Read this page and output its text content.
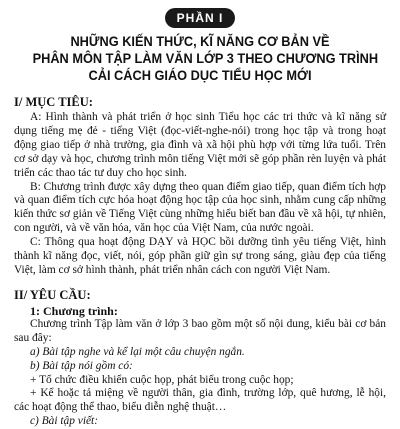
PHẦN I
NHỮNG KIẾN THỨC, KĨ NĂNG CƠ BẢN VỀ
PHÂN MÔN TẬP LÀM VĂN LỚP 3 THEO CHƯƠNG TRÌNH
CẢI CÁCH GIÁO DỤC TIỂU HỌC MỚI
I/ MỤC TIÊU:
A: Hình thành và phát triển ở học sinh Tiểu học các tri thức và kĩ năng sử dụng tiếng mẹ đẻ - tiếng Việt (đọc-viết-nghe-nói) trong học tập và trong hoạt động giao tiếp ở nhà trường, gia đình và xã hội phù hợp với từng lứa tuổi. Trên cơ sở dạy và học, chương trình môn tiếng Việt mới sẽ góp phần rèn luyện và phát triển các thao tác tư duy cho học sinh.
B: Chương trình được xây dựng theo quan điểm giao tiếp, quan điểm tích hợp và quan điểm tích cực hóa hoạt động học tập của học sinh, nhằm cung cấp những kiến thức sơ giản về Tiếng Việt cùng những hiểu biết ban đầu về xã hội, tự nhiên, con người, và về văn hóa, văn học của Việt Nam, của nước ngoài.
C: Thông qua hoạt động DẠY và HỌC bồi dưỡng tình yêu tiếng Việt, hình thành kĩ năng đọc, viết, nói, góp phần giữ gìn sự trong sáng, giàu đẹp của tiếng Việt, làm cơ sở hình thành, phát triển nhân cách con người Việt Nam.
II/ YÊU CẦU:
1: Chương trình:
Chương trình Tập làm văn ở lớp 3 bao gồm một số nội dung, kiểu bài cơ bản sau đây:
a) Bài tập nghe và kể lại một câu chuyện ngắn.
b) Bài tập nói gồm có:
+ Tổ chức điều khiển cuộc họp, phát biểu trong cuộc họp;
+ Kể hoặc tả miệng về người thân, gia đình, trường lớp, quê hương, lễ hội, các hoạt động thể thao, biểu diễn nghệ thuật…
c) Bài tập viết:
